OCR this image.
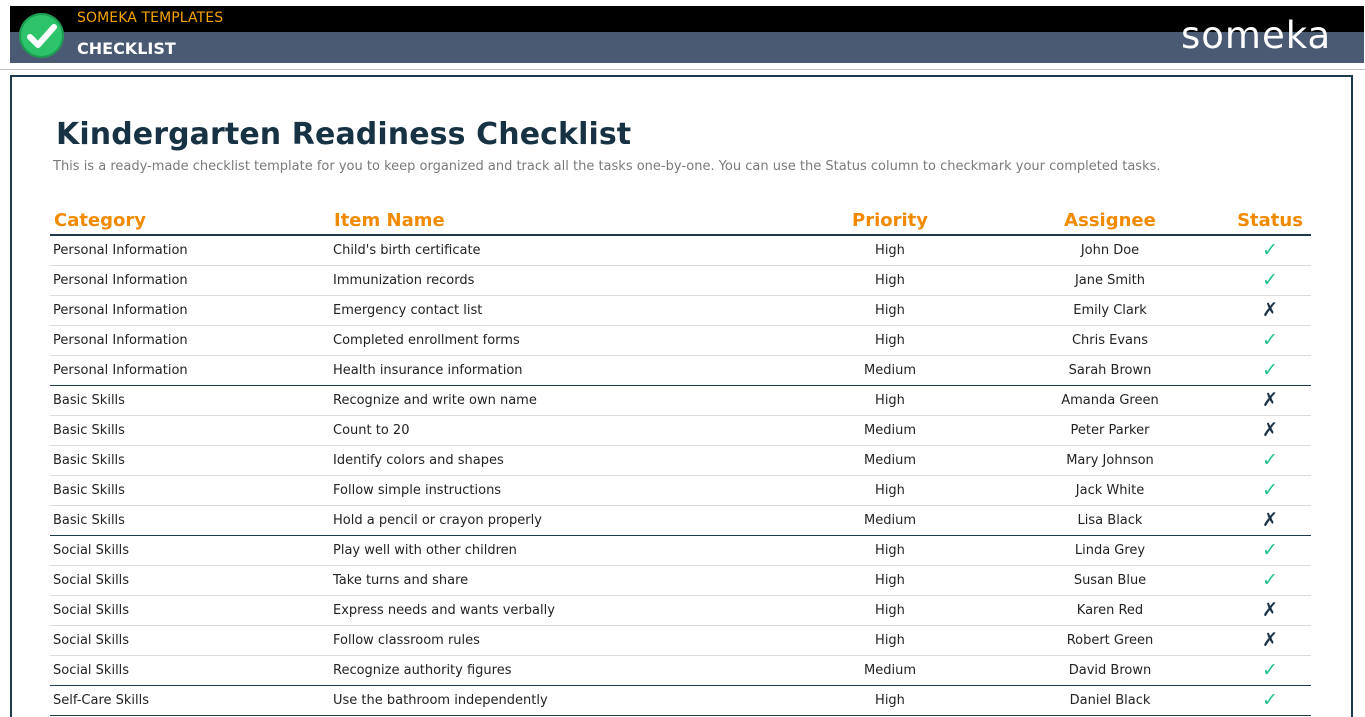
SOMEKA TEMPLATES
CHECKLIST	someka
Kindergarten Readiness Checklist
This is a ready-made checklist template for you to keep organized and track all the tasks one-by-one. You can use the Status column to checkmark your completed tasks.
Category	Item Name	Priority	Assignee	Status
Personal Information	Child's birth certificate	High	John Doe	✓
Personal Information	Immunization records	High	Jane Smith	✓
Personal Information	Emergency contact list	High	Emily Clark	✗
Personal Information	Completed enrollment forms	High	Chris Evans	✓
Personal Information	Health insurance information	Medium	Sarah Brown	✓
Basic Skills	Recognize and write own name	High	Amanda Green	✗
Basic Skills	Count to 20	Medium	Peter Parker	✗
Basic Skills	Identify colors and shapes	Medium	Mary Johnson	✓
Basic Skills	Follow simple instructions	High	Jack White	✓
Basic Skills	Hold a pencil or crayon properly	Medium	Lisa Black	✗
Social Skills	Play well with other children	High	Linda Grey	✓
Social Skills	Take turns and share	High	Susan Blue	✓
Social Skills	Express needs and wants verbally	High	Karen Red	✗
Social Skills	Follow classroom rules	High	Robert Green	✗
Social Skills	Recognize authority figures	Medium	David Brown	✓
Self-Care Skills	Use the bathroom independently	High	Daniel Black	✓
